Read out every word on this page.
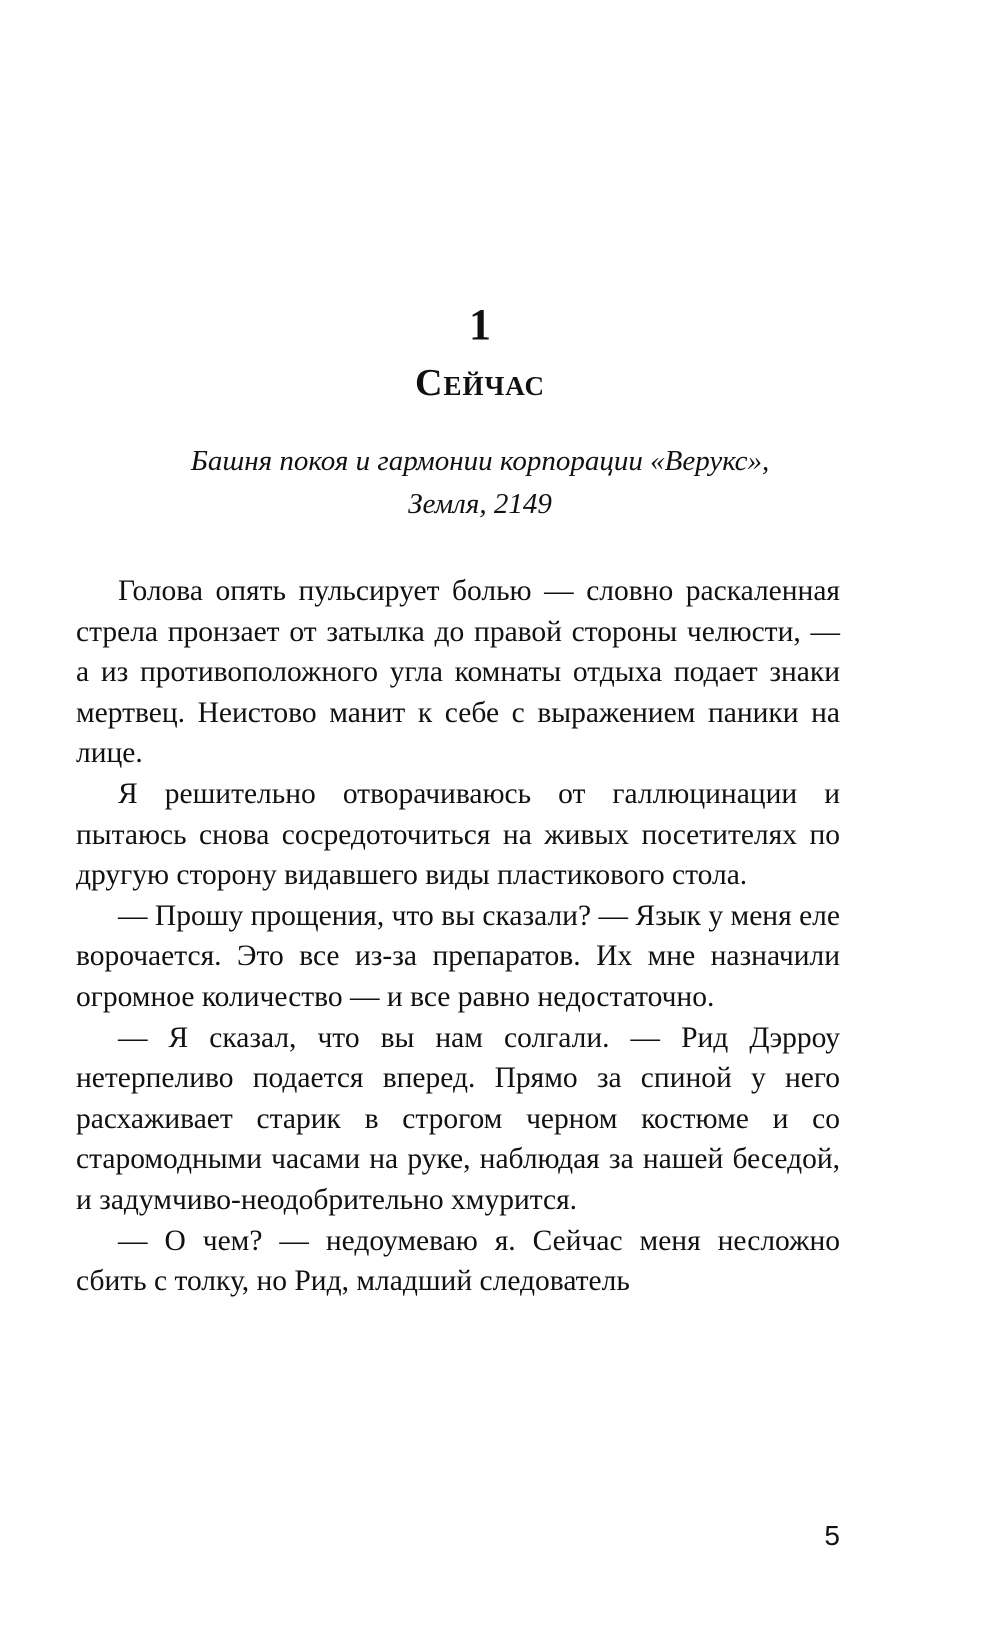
1
Сейчас
Башня покоя и гармонии корпорации «Верукс»,
Земля, 2149

Голова опять пульсирует болью — словно раскаленная стрела пронзает от затылка до правой стороны челюсти, — а из противоположного угла комнаты отдыха подает знаки мертвец. Неистово манит к себе с выражением паники на лице.

Я решительно отворачиваюсь от галлюцинации и пытаюсь снова сосредоточиться на живых посетителях по другую сторону видавшего виды пластикового стола.

— Прошу прощения, что вы сказали? — Язык у меня еле ворочается. Это все из-за препаратов. Их мне назначили огромное количество — и все равно недостаточно.

— Я сказал, что вы нам солгали. — Рид Дэрроу нетерпеливо подается вперед. Прямо за спиной у него расхаживает старик в строгом черном костюме и со старомодными часами на руке, наблюдая за нашей беседой, и задумчиво-неодобрительно хмурится.

— О чем? — недоумеваю я. Сейчас меня несложно сбить с толку, но Рид, младший следователь

5
